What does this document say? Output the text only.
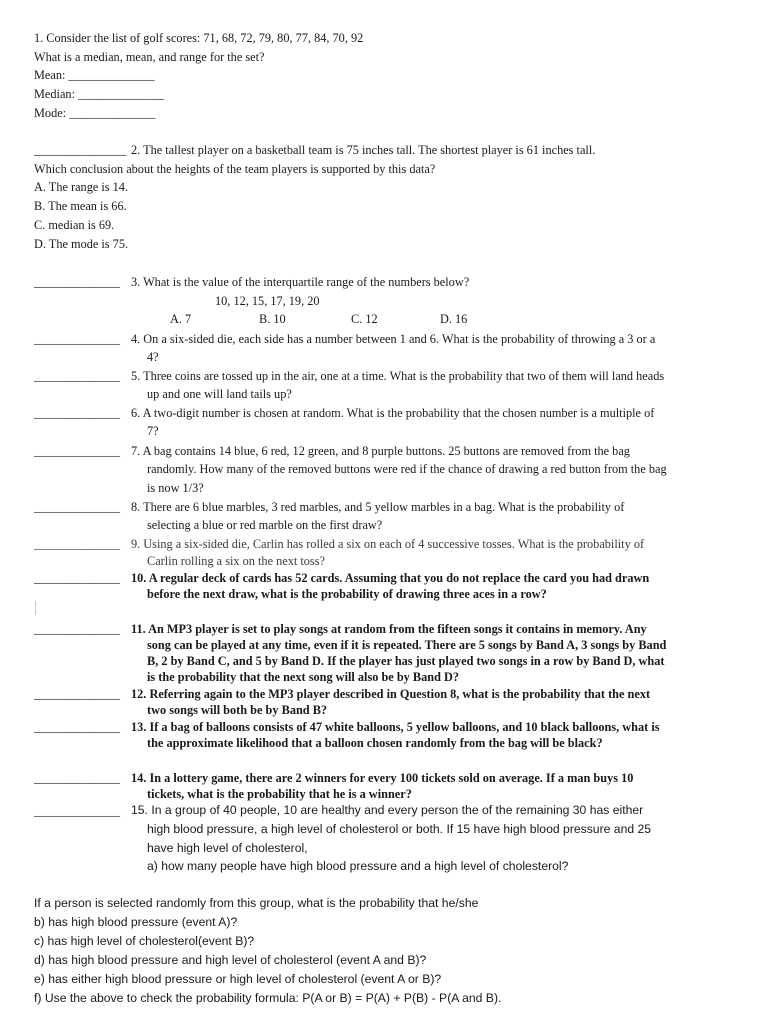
1. Consider the list of golf scores: 71, 68, 72, 79, 80, 77, 84, 70, 92
What is a median, mean, and range for the set?
Mean: ______________
Median: ______________
Mode: ______________
_______________ 2. The tallest player on a basketball team is 75 inches tall. The shortest player is 61 inches tall.
Which conclusion about the heights of the team players is supported by this data?
A. The range is 14.
B. The mean is 66.
C. median is 69.
D. The mode is 75.
______________ 3. What is the value of the interquartile range of the numbers below?
10, 12, 15, 17, 19, 20
A. 7	B. 10	C. 12	D. 16
______________ 4. On a six-sided die, each side has a number between 1 and 6. What is the probability of throwing a 3 or a
4?
______________ 5. Three coins are tossed up in the air, one at a time. What is the probability that two of them will land heads
up and one will land tails up?
______________ 6. A two-digit number is chosen at random. What is the probability that the chosen number is a multiple of
7?
______________ 7. A bag contains 14 blue, 6 red, 12 green, and 8 purple buttons. 25 buttons are removed from the bag
randomly. How many of the removed buttons were red if the chance of drawing a red button from the bag
is now 1/3?
______________ 8. There are 6 blue marbles, 3 red marbles, and 5 yellow marbles in a bag. What is the probability of
selecting a blue or red marble on the first draw?
______________ 9. Using a six-sided die, Carlin has rolled a six on each of 4 successive tosses. What is the probability of
Carlin rolling a six on the next toss?
______________ 10. A regular deck of cards has 52 cards. Assuming that you do not replace the card you had drawn
before the next draw, what is the probability of drawing three aces in a row?
______________ 11. An MP3 player is set to play songs at random from the fifteen songs it contains in memory. Any
song can be played at any time, even if it is repeated. There are 5 songs by Band A, 3 songs by Band
B, 2 by Band C, and 5 by Band D. If the player has just played two songs in a row by Band D, what
is the probability that the next song will also be by Band D?
______________ 12. Referring again to the MP3 player described in Question 8, what is the probability that the next
two songs will both be by Band B?
______________ 13. If a bag of balloons consists of 47 white balloons, 5 yellow balloons, and 10 black balloons, what is
the approximate likelihood that a balloon chosen randomly from the bag will be black?
______________ 14. In a lottery game, there are 2 winners for every 100 tickets sold on average. If a man buys 10
tickets, what is the probability that he is a winner?
______________ 15. In a group of 40 people, 10 are healthy and every person the of the remaining 30 has either
high blood pressure, a high level of cholesterol or both. If 15 have high blood pressure and 25
have high level of cholesterol,
a) how many people have high blood pressure and a high level of cholesterol?
If a person is selected randomly from this group, what is the probability that he/she
b) has high blood pressure (event A)?
c) has high level of cholesterol(event B)?
d) has high blood pressure and high level of cholesterol (event A and B)?
e) has either high blood pressure or high level of cholesterol (event A or B)?
f) Use the above to check the probability formula: P(A or B) = P(A) + P(B) - P(A and B).
